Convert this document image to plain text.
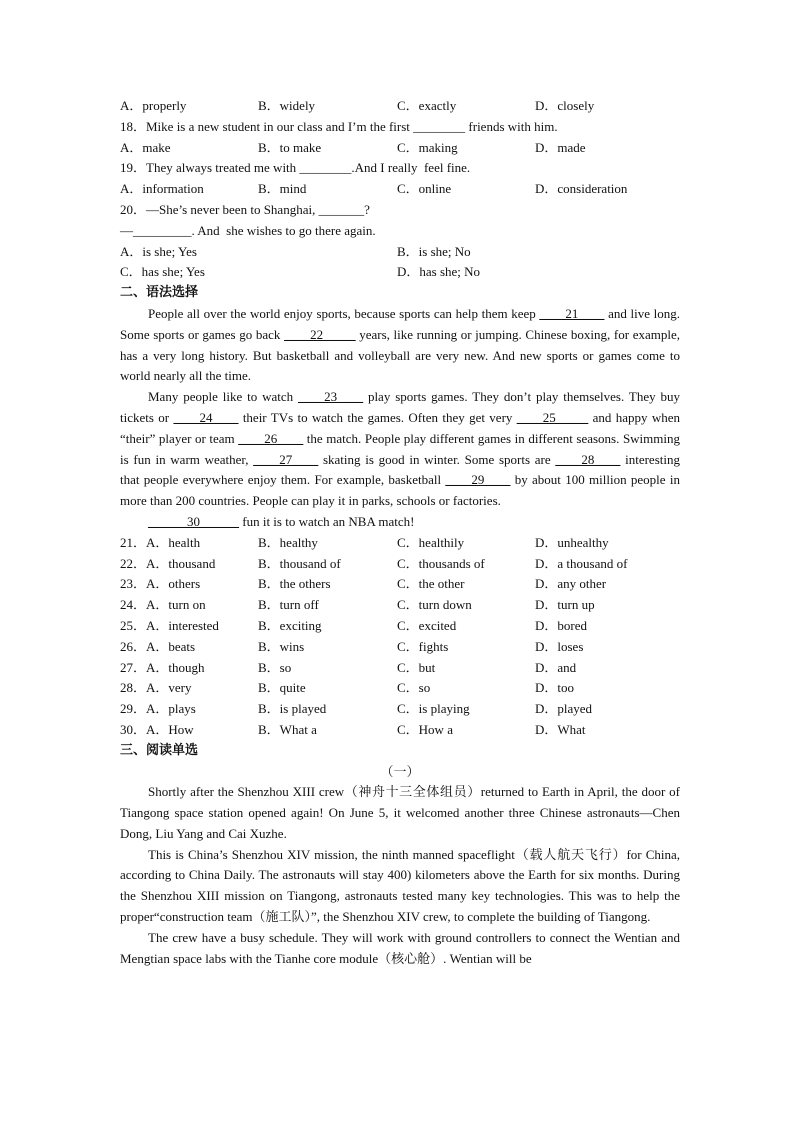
A．properly	B．widely	C．exactly	D．closely
18．Mike is a new student in our class and I’m the first ________ friends with him.
A．make	B．to make	C．making	D．made
19．They always treated me with ________.And I really  feel fine.
A．information	B．mind	C．online	D．consideration
20．—She’s never been to Shanghai, _______?
—_________. And  she wishes to go there again.
A．is she; Yes	B．is she; No
C．has she; Yes	D．has she; No
二、语法选择

People all over the world enjoy sports, because sports can help them keep ____21____ and live long. Some sports or games go back ____22_____ years, like running or jumping. Chinese boxing, for example, has a very long history. But basketball and volleyball are very new. And new sports or games come to world nearly all the time.

Many people like to watch ____23____ play sports games. They don’t play themselves. They buy tickets or ____24____ their TVs to watch the games. Often they get very ____25_____ and happy when “their” player or team ____26____ the match. People play different games in different seasons. Swimming is fun in warm weather, ____27____ skating is good in winter. Some sports are ____28____ interesting that people everywhere enjoy them. For example, basketball ____29____ by about 100 million people in more than 200 countries. People can play it in parks, schools or factories.

______30______ fun it is to watch an NBA match!

21．A．health	B．healthy	C．healthily	D．unhealthy
22．A．thousand	B．thousand of	C．thousands of	D．a thousand of
23．A．others	B．the others	C．the other	D．any other
24．A．turn on	B．turn off	C．turn down	D．turn up
25．A．interested	B．exciting	C．excited	D．bored
26．A．beats	B．wins	C．fights	D．loses
27．A．though	B．so	C．but	D．and
28．A．very	B．quite	C．so	D．too
29．A．plays	B．is played	C．is playing	D．played
30．A．How	B．What a	C．How a	D．What
三、阅读单选
（一）

Shortly after the Shenzhou XIII crew（神舟十三全体组员）returned to Earth in April, the door of Tiangong space station opened again! On June 5, it welcomed another three Chinese astronauts—Chen Dong, Liu Yang and Cai Xuzhe.

This is China’s Shenzhou XIV mission, the ninth manned spaceflight（载人航天飞行）for China, according to China Daily. The astronauts will stay 400) kilometers above the Earth for six months. During the Shenzhou XIII mission on Tiangong, astronauts tested many key technologies. This was to help the proper“construction team（施工队）”, the Shenzhou XIV crew, to complete the building of Tiangong.

The crew have a busy schedule. They will work with ground controllers to connect the Wentian and Mengtian space labs with the Tianhe core module（核心舱）. Wentian will be
